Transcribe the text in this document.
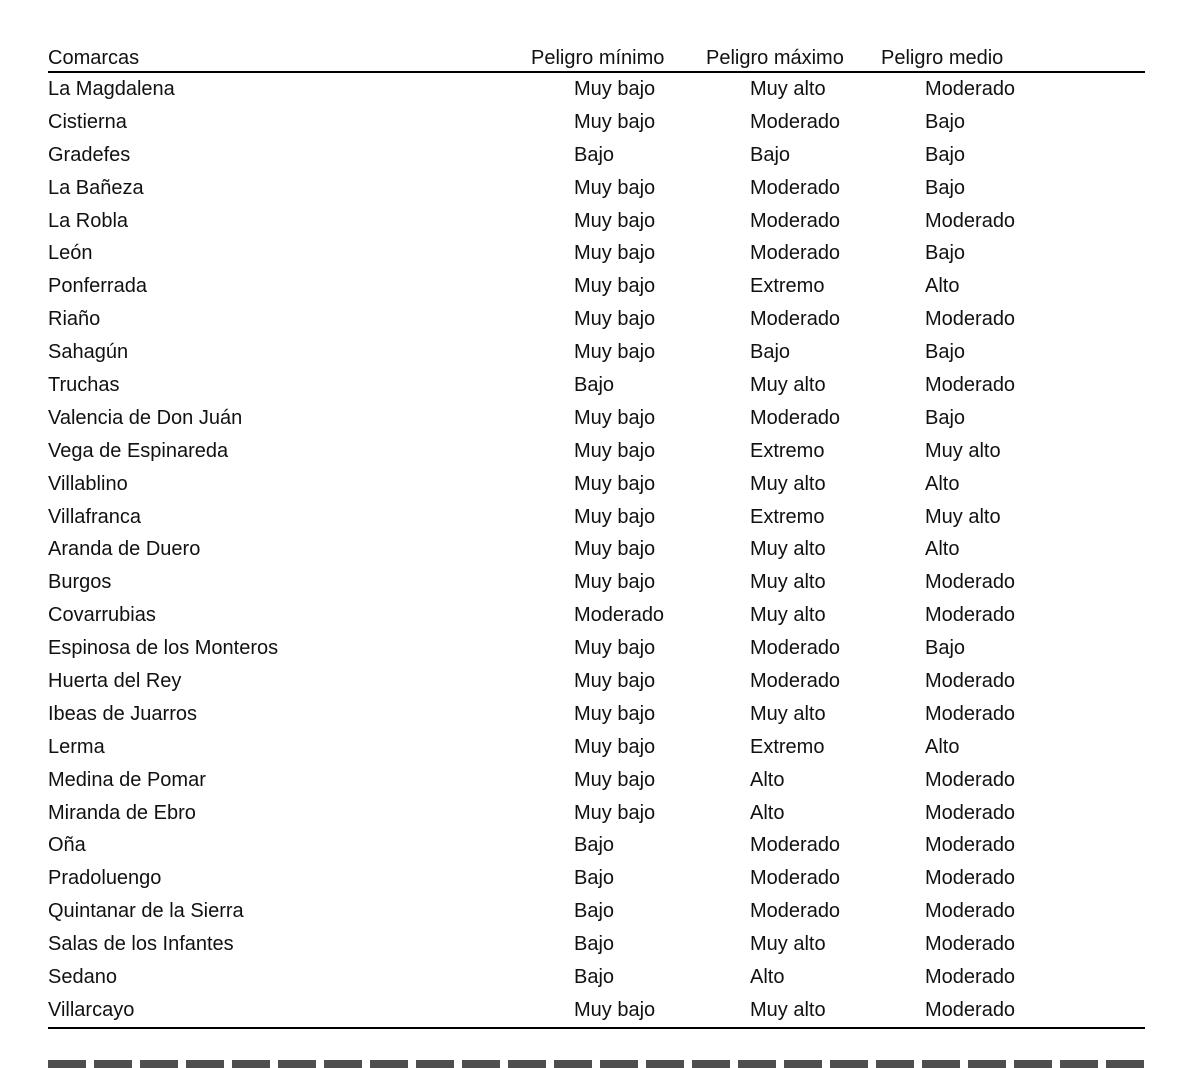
Comarcas	Peligro mínimo	Peligro máximo	Peligro medio
La Magdalena	Muy bajo	Muy alto	Moderado
Cistierna	Muy bajo	Moderado	Bajo
Gradefes	Bajo	Bajo	Bajo
La Bañeza	Muy bajo	Moderado	Bajo
La Robla	Muy bajo	Moderado	Moderado
León	Muy bajo	Moderado	Bajo
Ponferrada	Muy bajo	Extremo	Alto
Riaño	Muy bajo	Moderado	Moderado
Sahagún	Muy bajo	Bajo	Bajo
Truchas	Bajo	Muy alto	Moderado
Valencia de Don Juán	Muy bajo	Moderado	Bajo
Vega de Espinareda	Muy bajo	Extremo	Muy alto
Villablino	Muy bajo	Muy alto	Alto
Villafranca	Muy bajo	Extremo	Muy alto
Aranda de Duero	Muy bajo	Muy alto	Alto
Burgos	Muy bajo	Muy alto	Moderado
Covarrubias	Moderado	Muy alto	Moderado
Espinosa de los Monteros	Muy bajo	Moderado	Bajo
Huerta del Rey	Muy bajo	Moderado	Moderado
Ibeas de Juarros	Muy bajo	Muy alto	Moderado
Lerma	Muy bajo	Extremo	Alto
Medina de Pomar	Muy bajo	Alto	Moderado
Miranda de Ebro	Muy bajo	Alto	Moderado
Oña	Bajo	Moderado	Moderado
Pradoluengo	Bajo	Moderado	Moderado
Quintanar de la Sierra	Bajo	Moderado	Moderado
Salas de los Infantes	Bajo	Muy alto	Moderado
Sedano	Bajo	Alto	Moderado
Villarcayo	Muy bajo	Muy alto	Moderado
